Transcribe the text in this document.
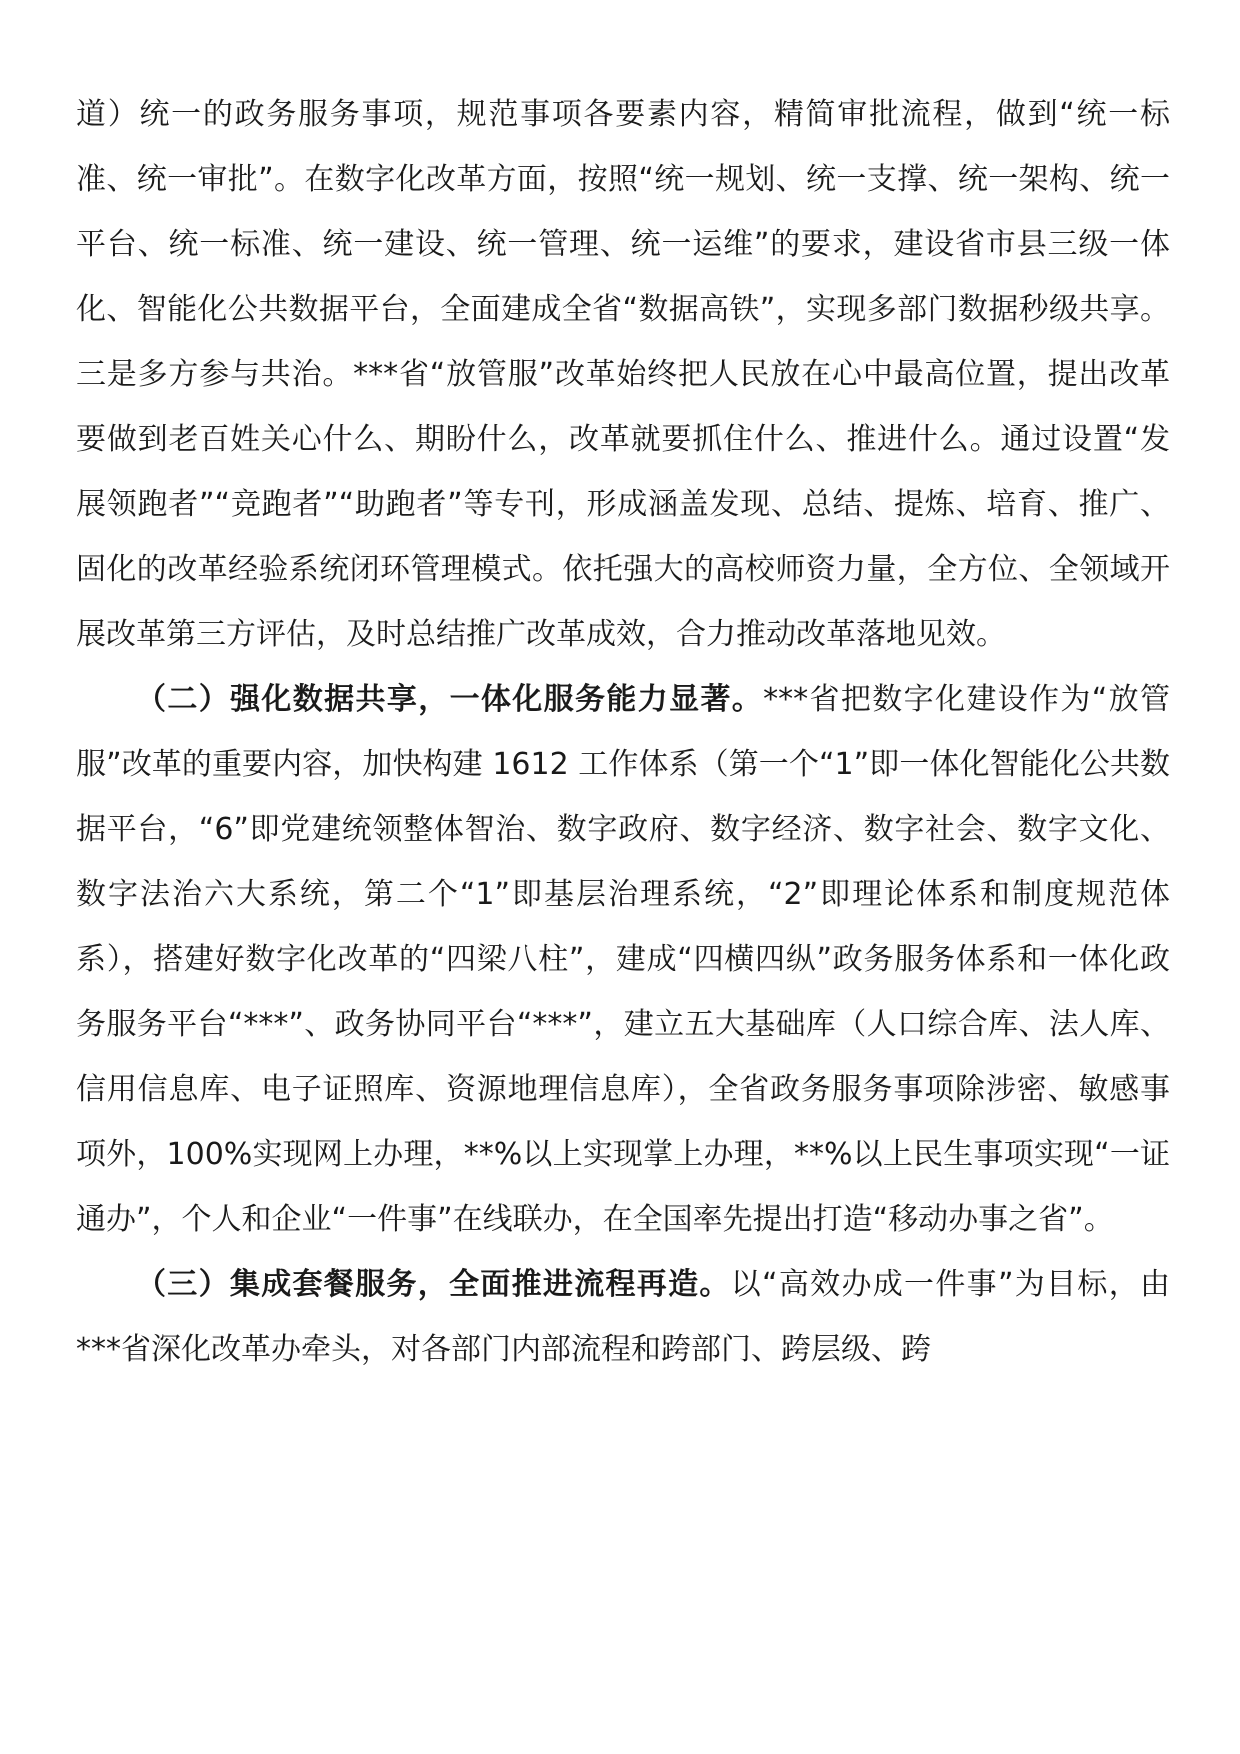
道）统一的政务服务事项，规范事项各要素内容，精简审批流程，做到“统一标准、统一审批”。在数字化改革方面，按照“统一规划、统一支撑、统一架构、统一平台、统一标准、统一建设、统一管理、统一运维”的要求，建设省市县三级一体化、智能化公共数据平台，全面建成全省“数据高铁”，实现多部门数据秒级共享。三是多方参与共治。***省“放管服”改革始终把人民放在心中最高位置，提出改革要做到老百姓关心什么、期盼什么，改革就要抓住什么、推进什么。通过设置“发展领跑者”“竞跑者”“助跑者”等专刊，形成涵盖发现、总结、提炼、培育、推广、固化的改革经验系统闭环管理模式。依托强大的高校师资力量，全方位、全领域开展改革第三方评估，及时总结推广改革成效，合力推动改革落地见效。

（二）强化数据共享，一体化服务能力显著。***省把数字化建设作为“放管服”改革的重要内容，加快构建 1612 工作体系（第一个“1”即一体化智能化公共数据平台，“6”即党建统领整体智治、数字政府、数字经济、数字社会、数字文化、数字法治六大系统，第二个“1”即基层治理系统，“2”即理论体系和制度规范体系），搭建好数字化改革的“四梁八柱”，建成“四横四纵”政务服务体系和一体化政务服务平台“***”、政务协同平台“***”，建立五大基础库（人口综合库、法人库、信用信息库、电子证照库、资源地理信息库），全省政务服务事项除涉密、敏感事项外，100%实现网上办理，**%以上实现掌上办理，**%以上民生事项实现“一证通办”，个人和企业“一件事”在线联办，在全国率先提出打造“移动办事之省”。

（三）集成套餐服务，全面推进流程再造。以“高效办成一件事”为目标，由***省深化改革办牵头，对各部门内部流程和跨部门、跨层级、跨
